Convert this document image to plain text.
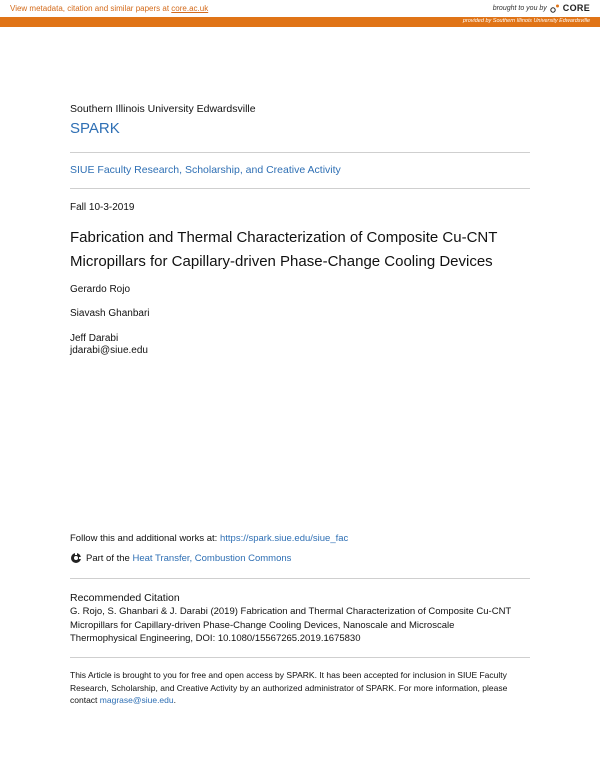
View metadata, citation and similar papers at core.ac.uk	brought to you by CORE
provided by Southern Illinois University Edwardsville
Southern Illinois University Edwardsville
SPARK
SIUE Faculty Research, Scholarship, and Creative Activity
Fall 10-3-2019
Fabrication and Thermal Characterization of Composite Cu-CNT
Micropillars for Capillary-driven Phase-Change Cooling Devices
Gerardo Rojo
Siavash Ghanbari
Jeff Darabi
jdarabi@siue.edu
Follow this and additional works at: https://spark.siue.edu/siue_fac
Part of the Heat Transfer, Combustion Commons
Recommended Citation
G. Rojo, S. Ghanbari & J. Darabi (2019) Fabrication and Thermal Characterization of Composite Cu-CNT
Micropillars for Capillary-driven Phase-Change Cooling Devices, Nanoscale and Microscale
Thermophysical Engineering, DOI: 10.1080/15567265.2019.1675830
This Article is brought to you for free and open access by SPARK. It has been accepted for inclusion in SIUE Faculty
Research, Scholarship, and Creative Activity by an authorized administrator of SPARK. For more information, please
contact magrase@siue.edu.
